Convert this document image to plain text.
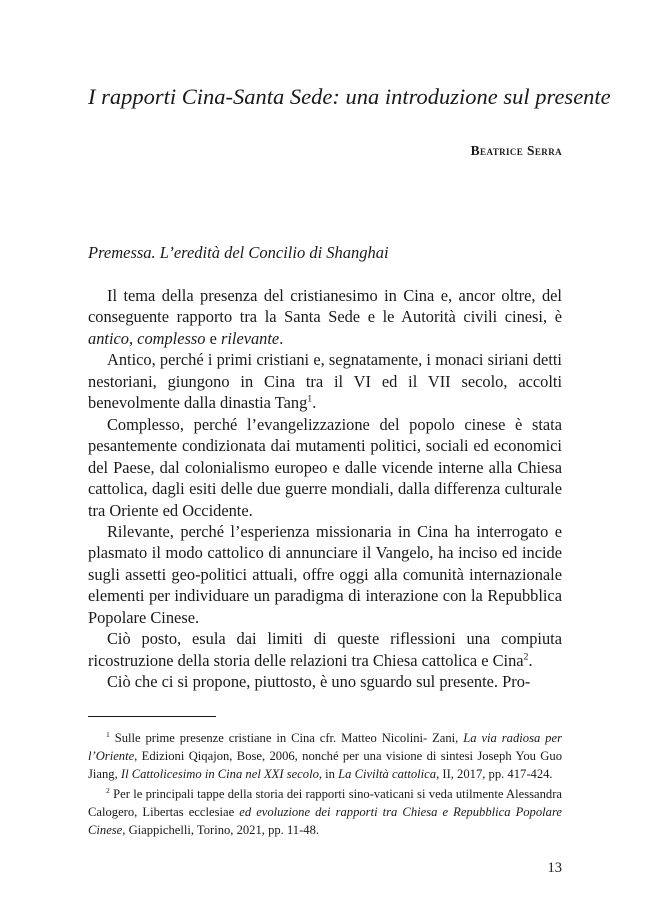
I rapporti Cina-Santa Sede: una introduzione sul presente
Beatrice Serra
Premessa. L’eredità del Concilio di Shanghai

Il tema della presenza del cristianesimo in Cina e, ancor oltre, del conseguente rapporto tra la Santa Sede e le Autorità civili cinesi, è antico, complesso e rilevante.

Antico, perché i primi cristiani e, segnatamente, i monaci siriani detti nestoriani, giungono in Cina tra il VI ed il VII secolo, accolti benevolmente dalla dinastia Tang$^1$.

Complesso, perché l’evangelizzazione del popolo cinese è stata pesantemente condizionata dai mutamenti politici, sociali ed economici del Paese, dal colonialismo europeo e dalle vicende interne alla Chiesa cattolica, dagli esiti delle due guerre mondiali, dalla differenza culturale tra Oriente ed Occidente.

Rilevante, perché l’esperienza missionaria in Cina ha interrogato e plasmato il modo cattolico di annunciare il Vangelo, ha inciso ed incide sugli assetti geo-politici attuali, offre oggi alla comunità internazionale elementi per individuare un paradigma di interazione con la Repubblica Popolare Cinese.

Ciò posto, esula dai limiti di queste riflessioni una compiuta ricostruzione della storia delle relazioni tra Chiesa cattolica e Cina$^2$.

Ciò che ci si propone, piuttosto, è uno sguardo sul presente. Pro-

$^1$ Sulle prime presenze cristiane in Cina cfr. Matteo Nicolini- Zani, La via radiosa per l’Oriente, Edizioni Qiqajon, Bose, 2006, nonché per una visione di sintesi Joseph You Guo Jiang, Il Cattolicesimo in Cina nel XXI secolo, in La Civiltà cattolica, II, 2017, pp. 417-424.

$^2$ Per le principali tappe della storia dei rapporti sino-vaticani si veda utilmente Alessandra Calogero, Libertas ecclesiae ed evoluzione dei rapporti tra Chiesa e Repubblica Popolare Cinese, Giappichelli, Torino, 2021, pp. 11-48.

13
